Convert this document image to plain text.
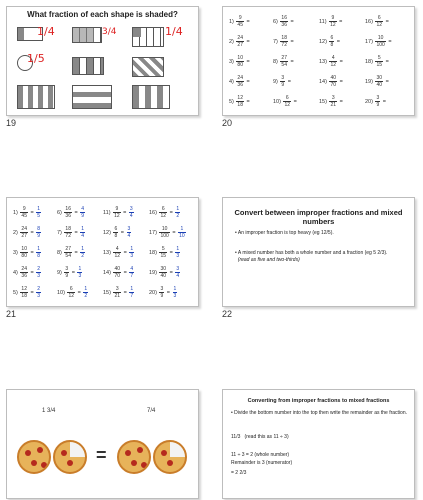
What fraction of each shape is shaded?
1/4	3/4
1/5
1/4
19
$1) \frac{9}{45}$ =	$6) \frac{16}{36}$ =	$11) \frac{9}{12}$ =	$16) \frac{6}{12}$ =
$2) \frac{24}{27}$ =	$7) \frac{18}{72}$ =	$12) \frac{6}{8}$ =	$17) \frac{10}{100}$ =
$3) \frac{10}{80}$ =	$8) \frac{27}{54}$ =	$13) \frac{4}{12}$ =	$18) \frac{5}{15}$ =
$4) \frac{24}{36}$ =	$9) \frac{3}{9}$ =	$14) \frac{40}{70}$ =	$19) \frac{30}{40}$ =
$5) \frac{12}{18}$ =	$10) \frac{6}{12}$ =	$15) \frac{3}{21}$ =	$20) \frac{3}{9}$ =
20
$1) \frac{9}{45} = \frac{1}{5}$	$6) \frac{16}{36} = \frac{4}{9}$	$11) \frac{9}{12} = \frac{3}{4}$	$16) \frac{6}{12} = \frac{1}{2}$
$2) \frac{24}{27} = \frac{8}{9}$	$7) \frac{18}{72} = \frac{1}{4}$	$12) \frac{6}{8} = \frac{3}{4}$	$17) \frac{10}{100} = \frac{1}{10}$
$3) \frac{10}{80} = \frac{1}{8}$	$8) \frac{27}{54} = \frac{1}{2}$	$13) \frac{4}{12} = \frac{1}{3}$	$18) \frac{5}{15} = \frac{1}{3}$
$4) \frac{24}{36} = \frac{2}{3}$	$9) \frac{3}{9} = \frac{1}{3}$	$14) \frac{40}{70} = \frac{4}{7}$	$19) \frac{30}{40} = \frac{3}{4}$
$5) \frac{12}{18} = \frac{2}{3}$	$10) \frac{6}{12} = \frac{1}{2}$	$15) \frac{3}{21} = \frac{1}{7}$	$20) \frac{3}{9} = \frac{1}{3}$
21
Convert between improper fractions and mixed numbers
• An improper fraction is top heavy (eg 12/5).
• A mixed number has both a whole number and a fraction (eg 5 2/3).
(read as five and two-thirds)
22
1 3/4	7/4
=
Converting from improper fractions to mixed fractions
• Divide the bottom number into the top then write the remainder as the fraction.
11/3 (read this as 11 ÷ 3)
11 ÷ 3 = 2 (whole number)
Remainder is 3 (numerator)
= 2 2/3
